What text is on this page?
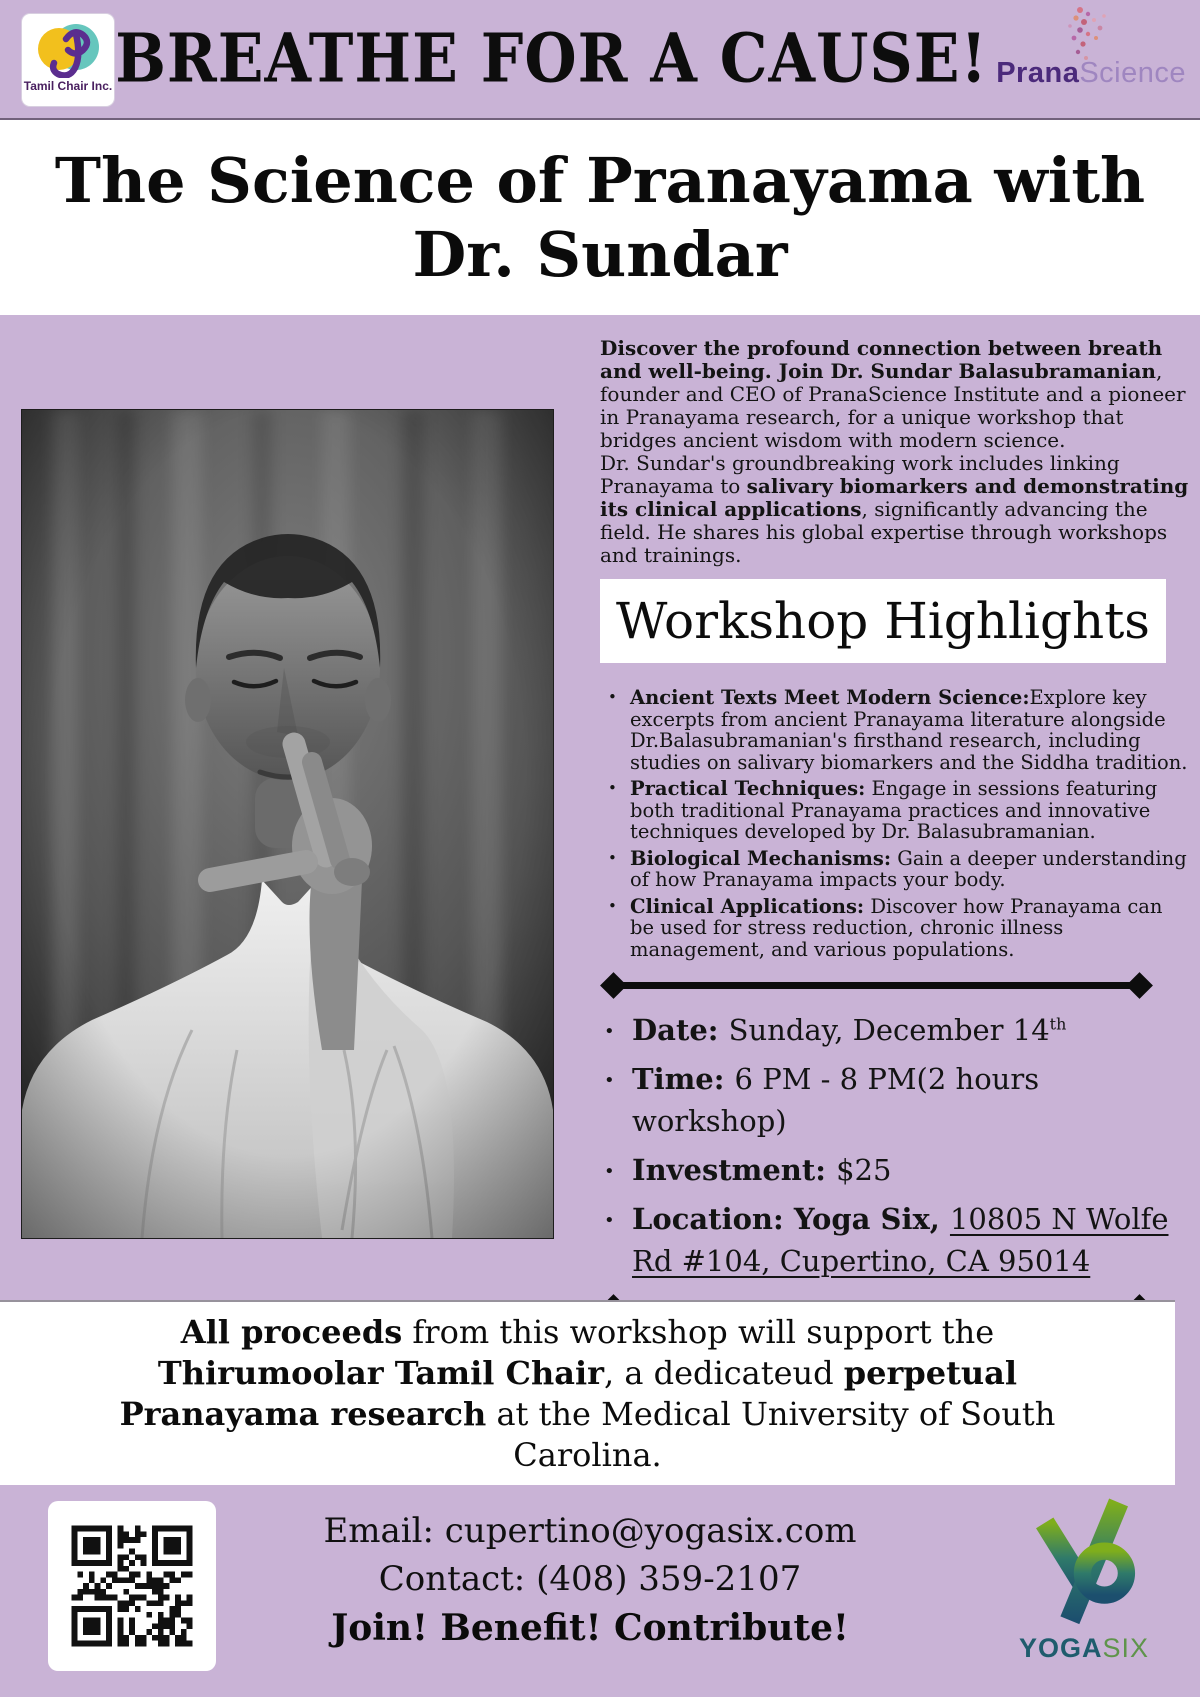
Tamil Chair Inc. BREATHE FOR A CAUSE! PranaScience
The Science of Pranayama with
Dr. Sundar

Discover the profound connection between breath and well-being. Join Dr. Sundar Balasubramanian, founder and CEO of PranaScience Institute and a pioneer in Pranayama research, for a unique workshop that bridges ancient wisdom with modern science.
Dr. Sundar's groundbreaking work includes linking Pranayama to salivary biomarkers and demonstrating its clinical applications, significantly advancing the field. He shares his global expertise through workshops and trainings.

Workshop Highlights
• Ancient Texts Meet Modern Science:Explore key excerpts from ancient Pranayama literature alongside Dr.Balasubramanian's firsthand research, including studies on salivary biomarkers and the Siddha tradition.
• Practical Techniques: Engage in sessions featuring both traditional Pranayama practices and innovative techniques developed by Dr. Balasubramanian.
• Biological Mechanisms: Gain a deeper understanding of how Pranayama impacts your body.
• Clinical Applications: Discover how Pranayama can be used for stress reduction, chronic illness management, and various populations.
• Date: Sunday, December 14th
• Time: 6 PM - 8 PM(2 hours workshop)
• Investment: $25
• Location: Yoga Six, 10805 N Wolfe Rd #104, Cupertino, CA 95014
All proceeds from this workshop will support the Thirumoolar Tamil Chair, a dedicateud perpetual Pranayama research at the Medical University of South Carolina.
Email: cupertino@yogasix.com
Contact: (408) 359-2107
Join! Benefit! Contribute!	YOGASIX
